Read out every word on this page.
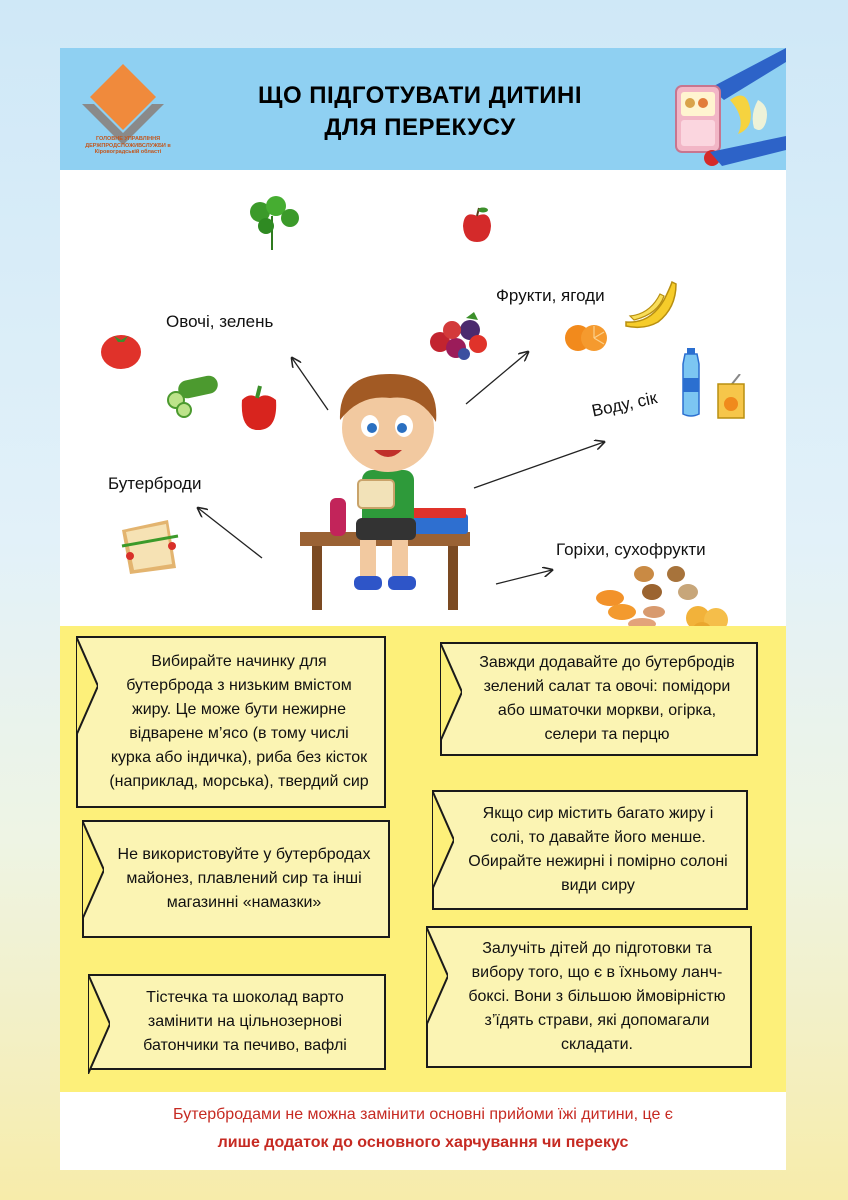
ГОЛОВНЕ УПРАВЛІННЯ ДЕРЖПРОДСПОЖИВСЛУЖБИ в Кіровоградській області
ЩО ПІДГОТУВАТИ ДИТИНІ
ДЛЯ ПЕРЕКУСУ
Овочі, зелень
Фрукти, ягоди
Воду, сік
Бутерброди
Горіхи, сухофрукти
Вибирайте начинку для бутерброда з низьким вмістом жиру. Це може бути нежирне відварене м’ясо (в тому числі курка або індичка), риба без кісток (наприклад, морська), твердий сир
Завжди додавайте до бутербродів зелений салат та овочі: помідори або шматочки моркви, огірка, селери та перцю
Якщо сир містить багато жиру і солі, то давайте його менше. Обирайте нежирні і помірно солоні види сиру
Не використовуйте у бутербродах майонез, плавлений сир та інші магазинні «намазки»
Залучіть дітей до підготовки та вибору того, що є в їхньому ланч-боксі. Вони з більшою ймовірністю з’їдять страви, які допомагали складати.
Тістечка та шоколад варто замінити на цільнозернові батончики та печиво, вафлі
Бутербродами не можна замінити основні прийоми їжі дитини, це є
лише додаток до основного харчування чи перекус
